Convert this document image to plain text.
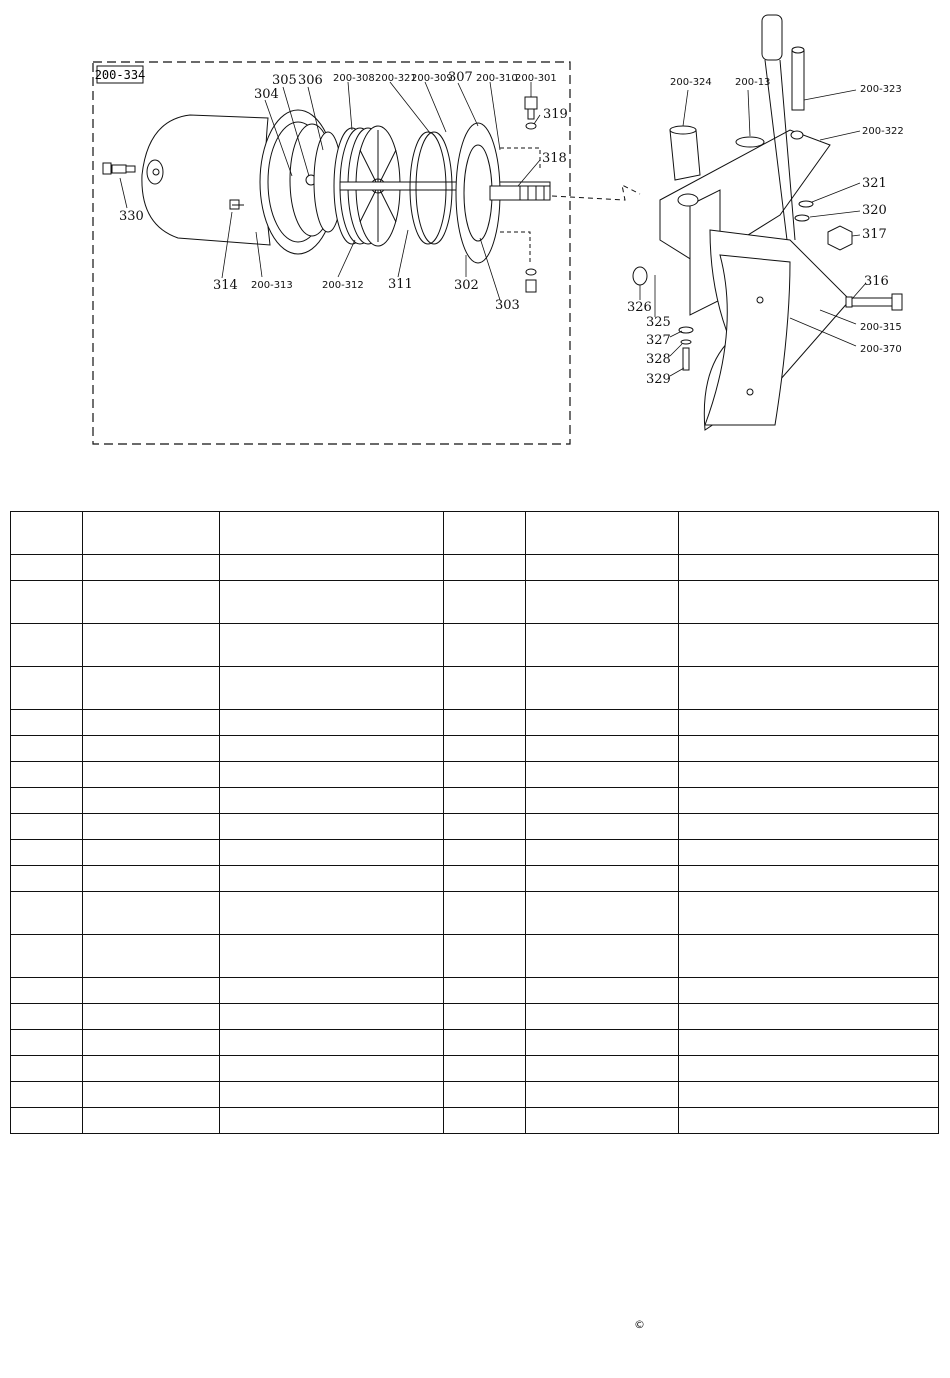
200-334
330
314 200-313
304
305 306 200-308
200-312
200-321
200-309
311
307 200-310
200-301
319
318
302
303
200-324 200-13
200-323
200-322
321
320
317
316
326
325	200-315
327
200-370
328
329

©
